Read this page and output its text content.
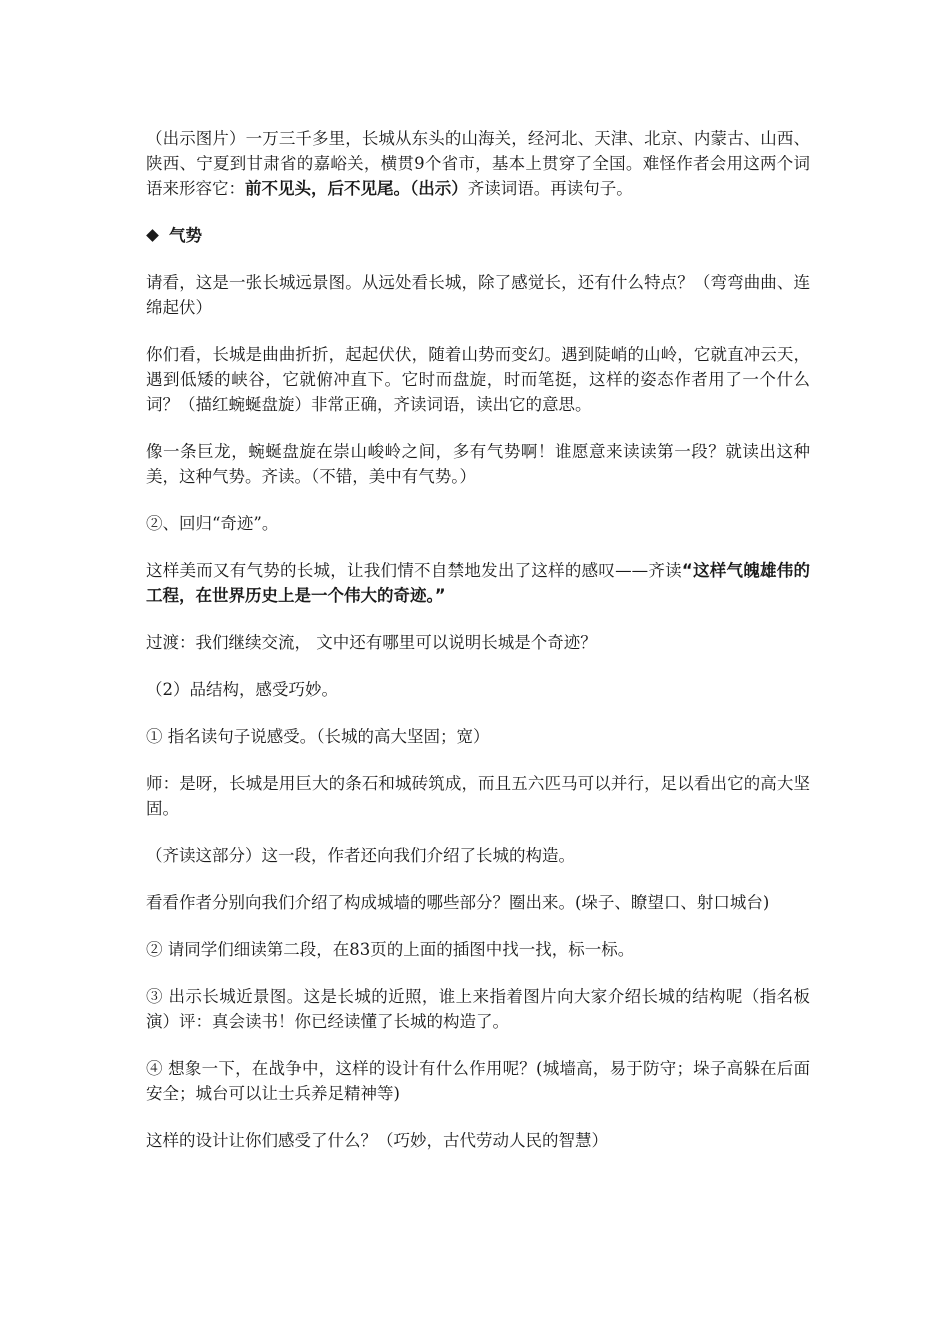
（出示图片）一万三千多里，长城从东头的山海关，经河北、天津、北京、内蒙古、山西、陕西、宁夏到甘肃省的嘉峪关，横贯9个省市，基本上贯穿了全国。难怪作者会用这两个词语来形容它：前不见头，后不见尾。（出示）齐读词语。再读句子。

气势

请看，这是一张长城远景图。从远处看长城，除了感觉长，还有什么特点？（弯弯曲曲、连绵起伏）

你们看，长城是曲曲折折，起起伏伏，随着山势而变幻。遇到陡峭的山岭，它就直冲云天，遇到低矮的峡谷，它就俯冲直下。它时而盘旋，时而笔挺，这样的姿态作者用了一个什么词？（描红蜿蜒盘旋）非常正确，齐读词语，读出它的意思。

像一条巨龙，蜿蜒盘旋在崇山峻岭之间，多有气势啊！谁愿意来读读第一段？就读出这种美，这种气势。齐读。（不错，美中有气势。）

②、回归“奇迹”。

这样美而又有气势的长城，让我们情不自禁地发出了这样的感叹——齐读“这样气魄雄伟的工程，在世界历史上是一个伟大的奇迹。”

过渡：我们继续交流， 文中还有哪里可以说明长城是个奇迹？

（2）品结构，感受巧妙。

① 指名读句子说感受。（长城的高大坚固；宽）

师：是呀，长城是用巨大的条石和城砖筑成，而且五六匹马可以并行，足以看出它的高大坚固。

（齐读这部分）这一段，作者还向我们介绍了长城的构造。

看看作者分别向我们介绍了构成城墙的哪些部分？圈出来。(垛子、瞭望口、射口城台)

② 请同学们细读第二段，在83页的上面的插图中找一找，标一标。

③ 出示长城近景图。这是长城的近照，谁上来指着图片向大家介绍长城的结构呢（指名板演）评：真会读书！你已经读懂了长城的构造了。

④ 想象一下，在战争中，这样的设计有什么作用呢？(城墙高，易于防守；垛子高躲在后面安全；城台可以让士兵养足精神等)

这样的设计让你们感受了什么？（巧妙，古代劳动人民的智慧）
